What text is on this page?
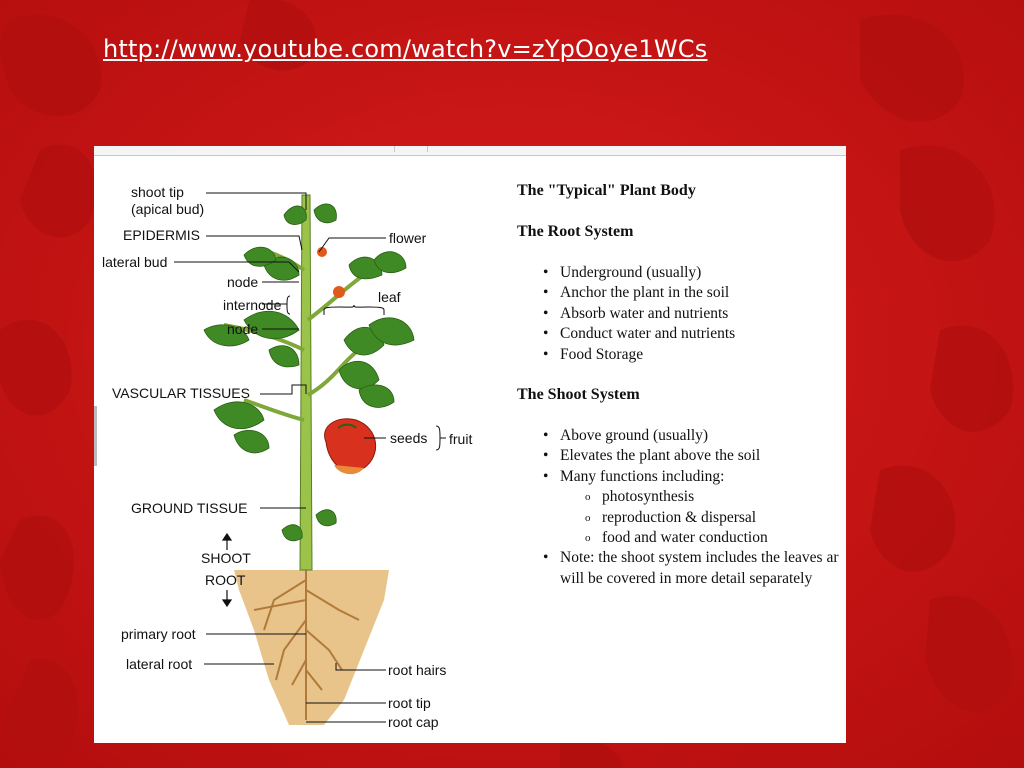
http://www.youtube.com/watch?v=zYpOoye1WCs
shoot tip
(apical bud)
EPIDERMIS
lateral bud
node
internode
node
VASCULAR TISSUES
GROUND TISSUE
SHOOT
ROOT
primary root
lateral root
flower
leaf
seeds fruit
root hairs
root tip
root cap
The "Typical" Plant Body
The Root System
• Underground (usually)
• Anchor the plant in the soil
• Absorb water and nutrients
• Conduct water and nutrients
• Food Storage
The Shoot System
• Above ground (usually)
• Elevates the plant above the soil
• Many functions including:
o photosynthesis
o reproduction & dispersal
o food and water conduction
• Note: the shoot system includes the leaves ar
will be covered in more detail separately
